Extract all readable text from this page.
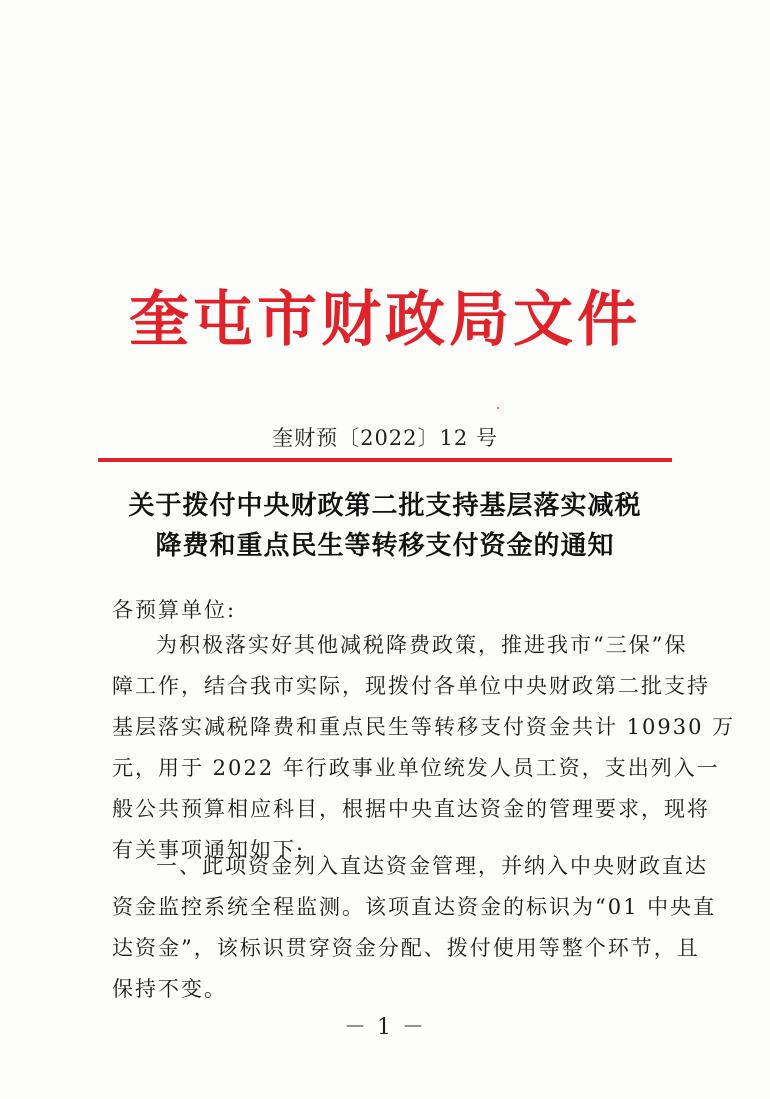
奎屯市财政局文件
奎财预〔2022〕12 号
关于拨付中央财政第二批支持基层落实减税
降费和重点民生等转移支付资金的通知
各预算单位:
为积极落实好其他减税降费政策，推进我市“三保”保
障工作，结合我市实际，现拨付各单位中央财政第二批支持
基层落实减税降费和重点民生等转移支付资金共计 10930 万
元，用于 2022 年行政事业单位统发人员工资，支出列入一
般公共预算相应科目，根据中央直达资金的管理要求，现将
有关事项通知如下:
一、此项资金列入直达资金管理，并纳入中央财政直达
资金监控系统全程监测。该项直达资金的标识为“01 中央直
达资金”，该标识贯穿资金分配、拨付使用等整个环节，且
保持不变。
－ 1 －
